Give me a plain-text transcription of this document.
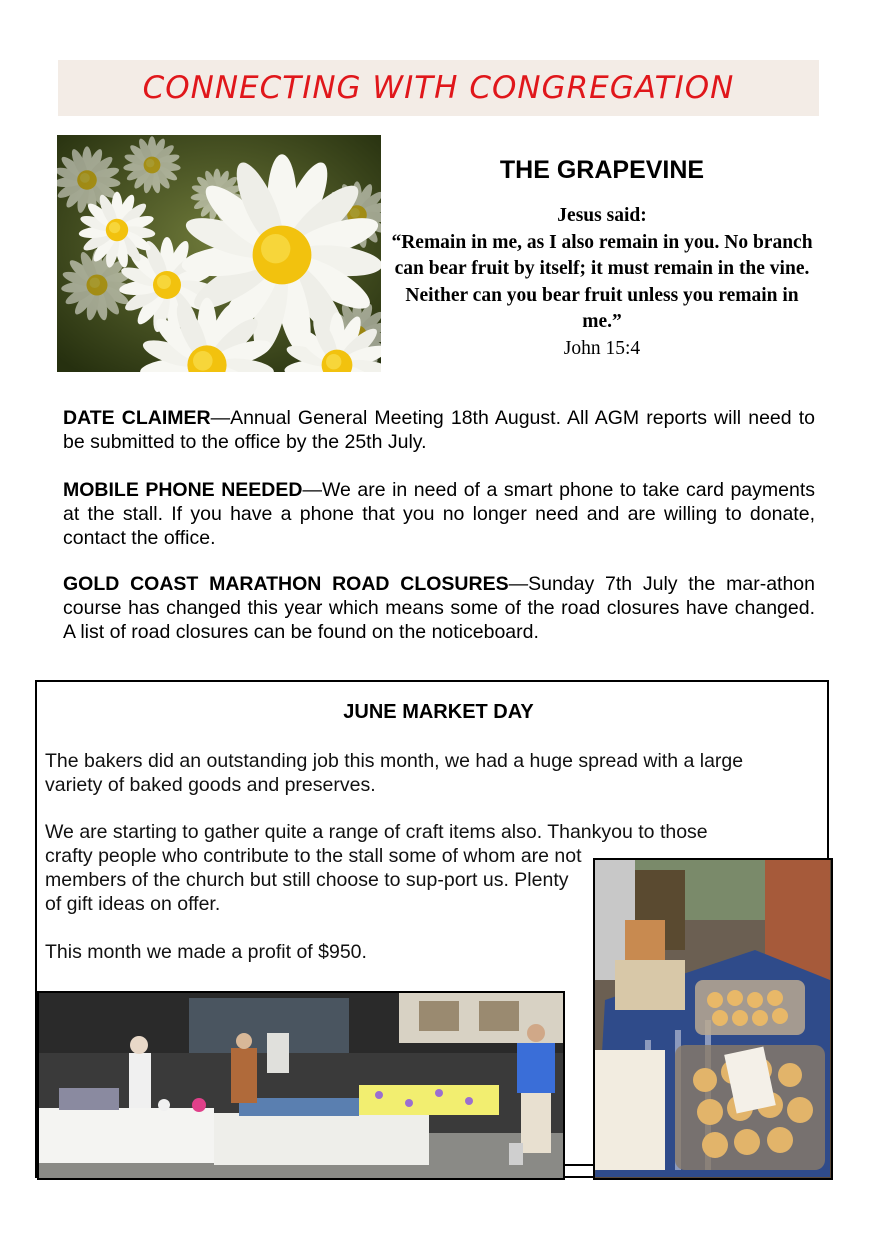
CONNECTING WITH CONGREGATION
THE GRAPEVINE
Jesus said:
“Remain in me, as I also remain in you. No branch can bear fruit by itself; it must remain in the vine. Neither can you bear fruit unless you remain in me.”
John 15:4
DATE CLAIMER—Annual General Meeting 18th August. All AGM reports will need to be submitted to the office by the 25th July.
MOBILE PHONE NEEDED—We are in need of a smart phone to take card payments at the stall. If you have a phone that you no longer need and are willing to donate, contact the office.
GOLD COAST MARATHON ROAD CLOSURES—Sunday 7th July the mar-athon course has changed this year which means some of the road closures have changed. A list of road closures can be found on the noticeboard.
JUNE MARKET DAY
The bakers did an outstanding job this month, we had a huge spread with a large variety of baked goods and preserves.
We are starting to gather quite a range of craft items also. Thankyou to those
crafty people who contribute to the stall some of whom are not members of the church but still choose to sup-port us. Plenty of gift ideas on offer.
This month we made a profit of $950.
